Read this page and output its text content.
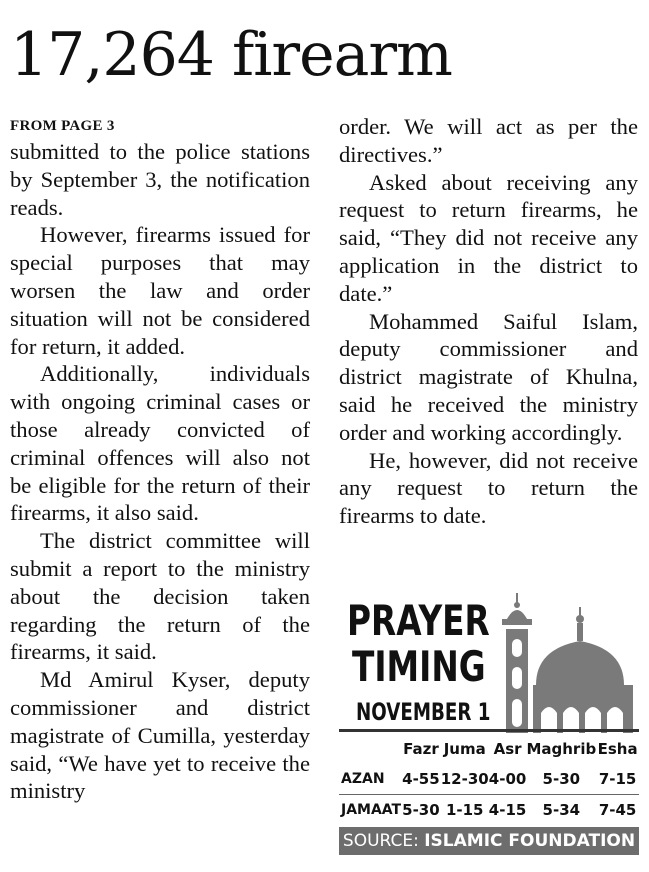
17,264 firearm
FROM PAGE 3

submitted to the police stations by September 3, the notification reads.

However, firearms issued for special purposes that may worsen the law and order situation will not be considered for return, it added.

Additionally, individuals with ongoing criminal cases or those already convicted of criminal offences will also not be eligible for the return of their firearms, it also said.

The district committee will submit a report to the ministry about the decision taken regarding the return of the firearms, it said.

Md Amirul Kyser, deputy commissioner and district magistrate of Cumilla, yesterday said, “We have yet to receive the ministry

order. We will act as per the directives.”

Asked about receiving any request to return firearms, he said, “They did not receive any application in the district to date.”

Mohammed Saiful Islam, deputy commissioner and district magistrate of Khulna, said he received the ministry order and working accordingly.

He, however, did not receive any request to return the firearms to date.

PRAYER
TIMING
NOVEMBER 1
	Fazr	Juma	Asr	Maghrib	Esha
AZAN	4-55	12-30	4-00	5-30	7-15
JAMAAT	5-30	1-15	4-15	5-34	7-45
SOURCE: ISLAMIC FOUNDATION
